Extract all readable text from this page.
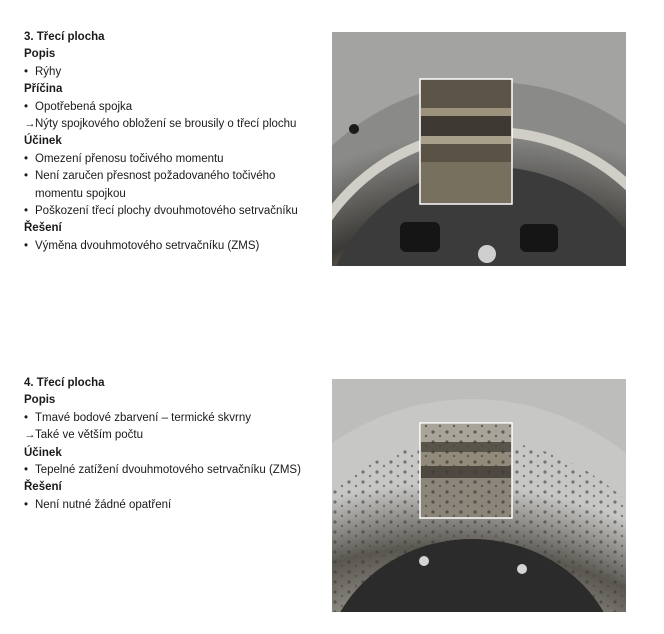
3. Třecí plocha
Popis
• Rýhy
Příčina
• Opotřebená spojka
→ Nýty spojkového obložení se brousily o třecí plochu
Účinek
• Omezení přenosu točivého momentu
• Není zaručen přesnost požadovaného točivého momentu spojkou
• Poškození třecí plochy dvouhmotového setrvačníku
Řešení
• Výměna dvouhmotového setrvačníku (ZMS)
4. Třecí plocha
Popis
• Tmavé bodové zbarvení – termické skvrny
→ Také ve větším počtu
Účinek
• Tepelné zatížení dvouhmotového setrvačníku (ZMS)
Řešení
• Není nutné žádné opatření
